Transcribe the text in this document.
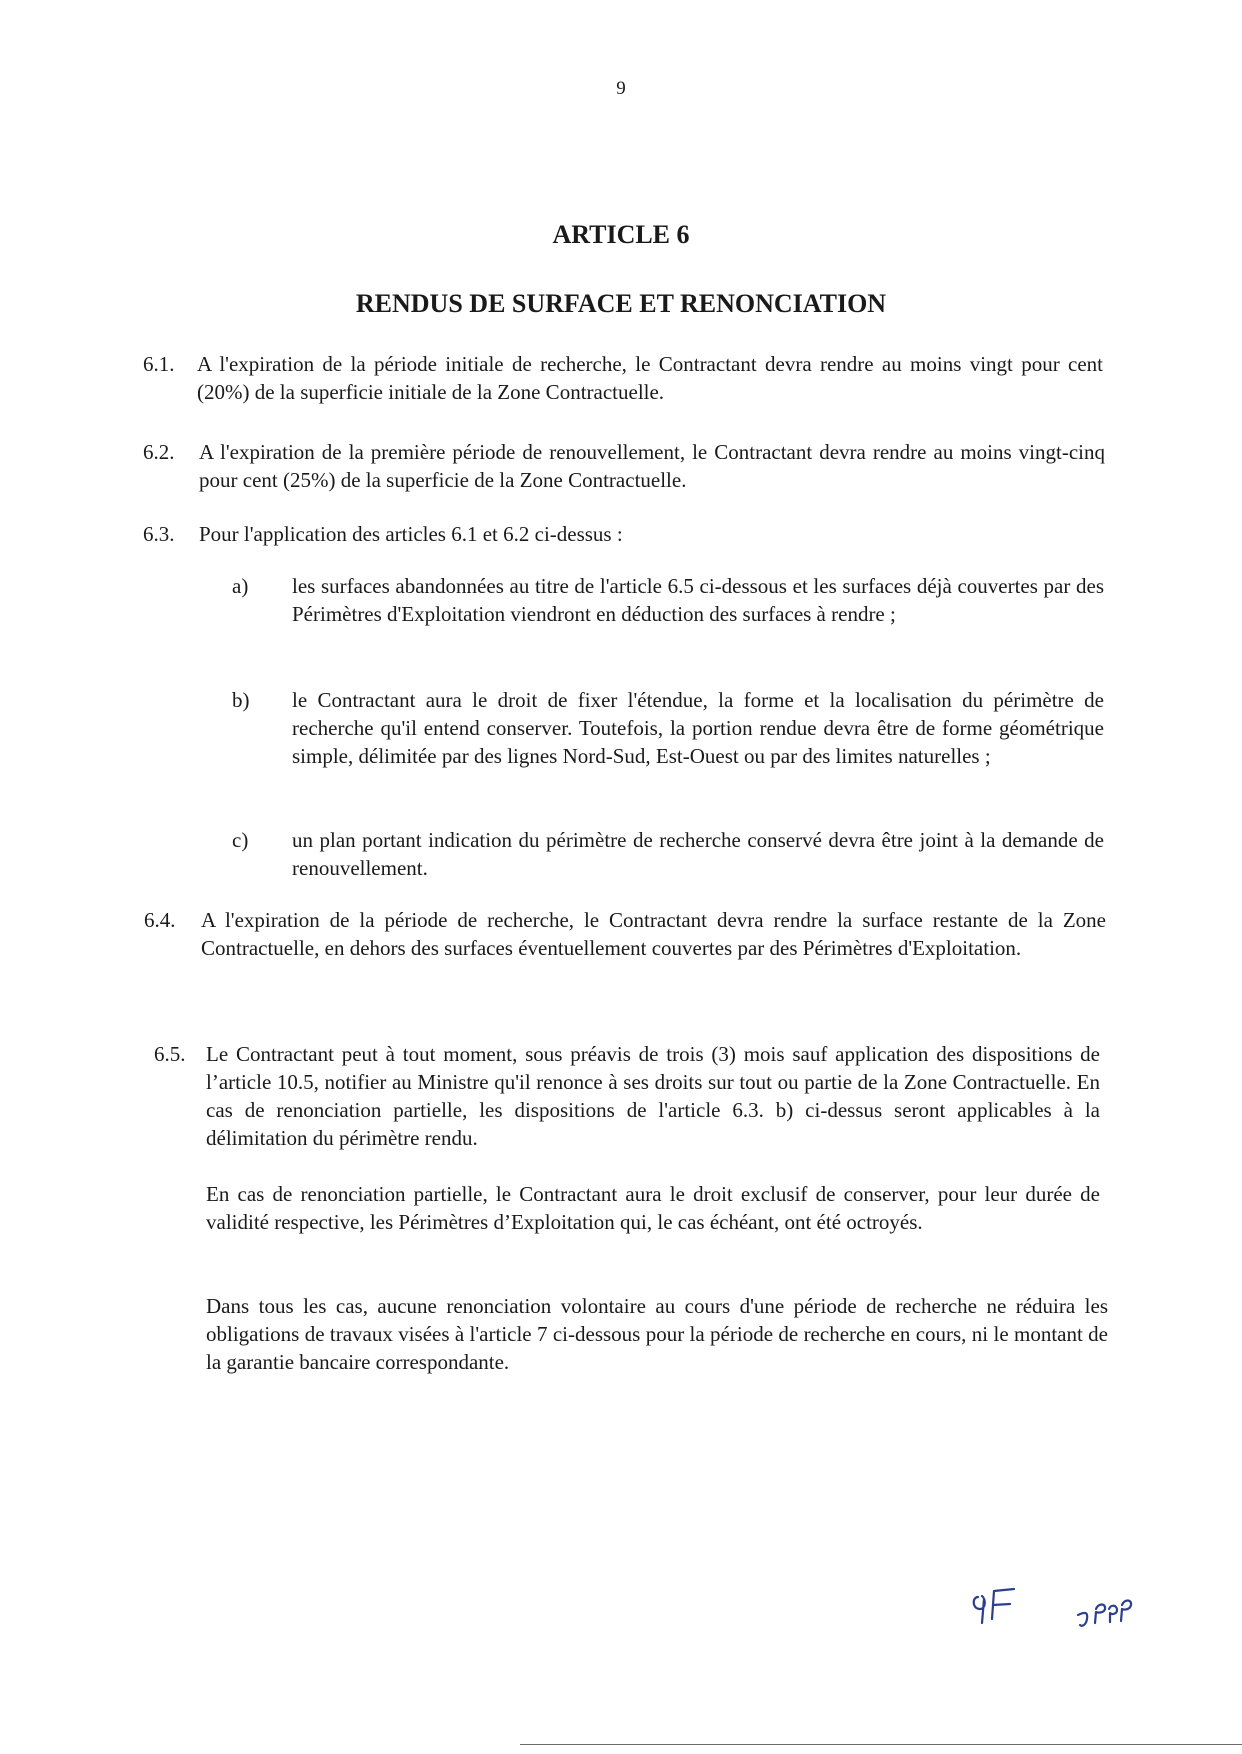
9
ARTICLE 6
RENDUS DE SURFACE ET RENONCIATION
6.1. A l'expiration de la période initiale de recherche, le Contractant devra rendre au moins vingt pour cent (20%) de la superficie initiale de la Zone Contractuelle.
6.2. A l'expiration de la première période de renouvellement, le Contractant devra rendre au moins vingt-cinq pour cent (25%) de la superficie de la Zone Contractuelle.
6.3. Pour l'application des articles 6.1 et 6.2 ci-dessus :
a) les surfaces abandonnées au titre de l'article 6.5 ci-dessous et les surfaces déjà couvertes par des Périmètres d'Exploitation viendront en déduction des surfaces à rendre ;
b) le Contractant aura le droit de fixer l'étendue, la forme et la localisation du périmètre de recherche qu'il entend conserver. Toutefois, la portion rendue devra être de forme géométrique simple, délimitée par des lignes Nord-Sud, Est-Ouest ou par des limites naturelles ;
c) un plan portant indication du périmètre de recherche conservé devra être joint à la demande de renouvellement.
6.4. A l'expiration de la période de recherche, le Contractant devra rendre la surface restante de la Zone Contractuelle, en dehors des surfaces éventuellement couvertes par des Périmètres d'Exploitation.
6.5. Le Contractant peut à tout moment, sous préavis de trois (3) mois sauf application des dispositions de l’article 10.5, notifier au Ministre qu'il renonce à ses droits sur tout ou partie de la Zone Contractuelle. En cas de renonciation partielle, les dispositions de l'article 6.3. b) ci-dessus seront applicables à la délimitation du périmètre rendu.
En cas de renonciation partielle, le Contractant aura le droit exclusif de conserver, pour leur durée de validité respective, les Périmètres d’Exploitation qui, le cas échéant, ont été octroyés.
Dans tous les cas, aucune renonciation volontaire au cours d'une période de recherche ne réduira les obligations de travaux visées à l'article 7 ci-dessous pour la période de recherche en cours, ni le montant de la garantie bancaire correspondante.
